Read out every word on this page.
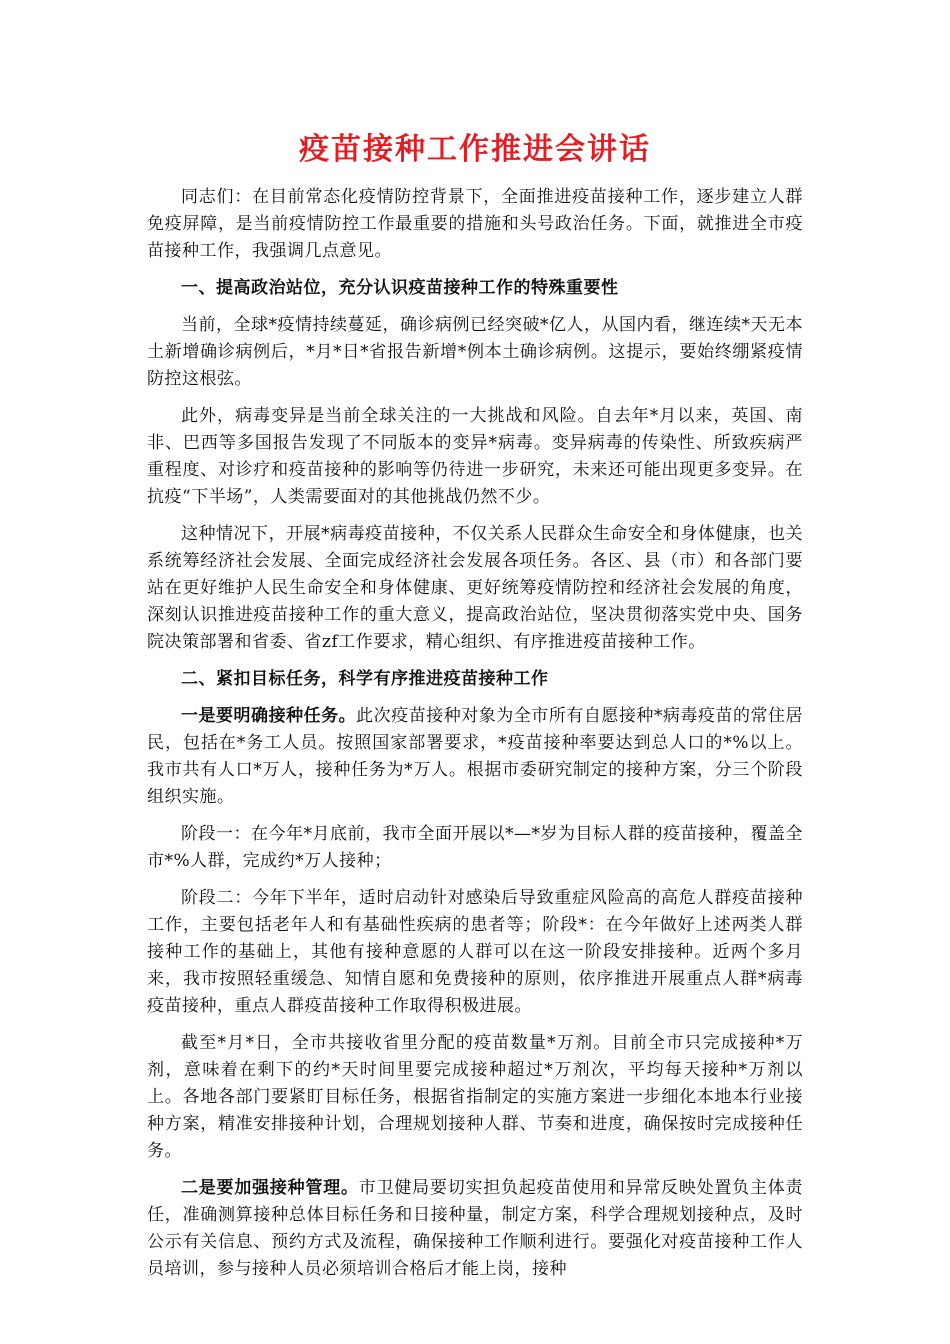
疫苗接种工作推进会讲话

同志们：在目前常态化疫情防控背景下，全面推进疫苗接种工作，逐步建立人群免疫屏障，是当前疫情防控工作最重要的措施和头号政治任务。下面，就推进全市疫苗接种工作，我强调几点意见。

一、提高政治站位，充分认识疫苗接种工作的特殊重要性

当前，全球*疫情持续蔓延，确诊病例已经突破*亿人，从国内看，继连续*天无本土新增确诊病例后，*月*日*省报告新增*例本土确诊病例。这提示，要始终绷紧疫情防控这根弦。

此外，病毒变异是当前全球关注的一大挑战和风险。自去年*月以来，英国、南非、巴西等多国报告发现了不同版本的变异*病毒。变异病毒的传染性、所致疾病严重程度、对诊疗和疫苗接种的影响等仍待进一步研究，未来还可能出现更多变异。在抗疫“下半场”，人类需要面对的其他挑战仍然不少。

这种情况下，开展*病毒疫苗接种，不仅关系人民群众生命安全和身体健康，也关系统筹经济社会发展、全面完成经济社会发展各项任务。各区、县（市）和各部门要站在更好维护人民生命安全和身体健康、更好统筹疫情防控和经济社会发展的角度，深刻认识推进疫苗接种工作的重大意义，提高政治站位，坚决贯彻落实党中央、国务院决策部署和省委、省zf工作要求，精心组织、有序推进疫苗接种工作。

二、紧扣目标任务，科学有序推进疫苗接种工作

一是要明确接种任务。此次疫苗接种对象为全市所有自愿接种*病毒疫苗的常住居民，包括在*务工人员。按照国家部署要求，*疫苗接种率要达到总人口的*%以上。我市共有人口*万人，接种任务为*万人。根据市委研究制定的接种方案，分三个阶段组织实施。

阶段一：在今年*月底前，我市全面开展以*—*岁为目标人群的疫苗接种，覆盖全市*%人群，完成约*万人接种；

阶段二：今年下半年，适时启动针对感染后导致重症风险高的高危人群疫苗接种工作，主要包括老年人和有基础性疾病的患者等；阶段*：在今年做好上述两类人群接种工作的基础上，其他有接种意愿的人群可以在这一阶段安排接种。近两个多月来，我市按照轻重缓急、知情自愿和免费接种的原则，依序推进开展重点人群*病毒疫苗接种，重点人群疫苗接种工作取得积极进展。

截至*月*日，全市共接收省里分配的疫苗数量*万剂。目前全市只完成接种*万剂，意味着在剩下的约*天时间里要完成接种超过*万剂次，平均每天接种*万剂以上。各地各部门要紧盯目标任务，根据省指制定的实施方案进一步细化本地本行业接种方案，精准安排接种计划，合理规划接种人群、节奏和进度，确保按时完成接种任务。

二是要加强接种管理。市卫健局要切实担负起疫苗使用和异常反映处置负主体责任，准确测算接种总体目标任务和日接种量，制定方案，科学合理规划接种点，及时公示有关信息、预约方式及流程，确保接种工作顺利进行。要强化对疫苗接种工作人员培训，参与接种人员必须培训合格后才能上岗，接种
